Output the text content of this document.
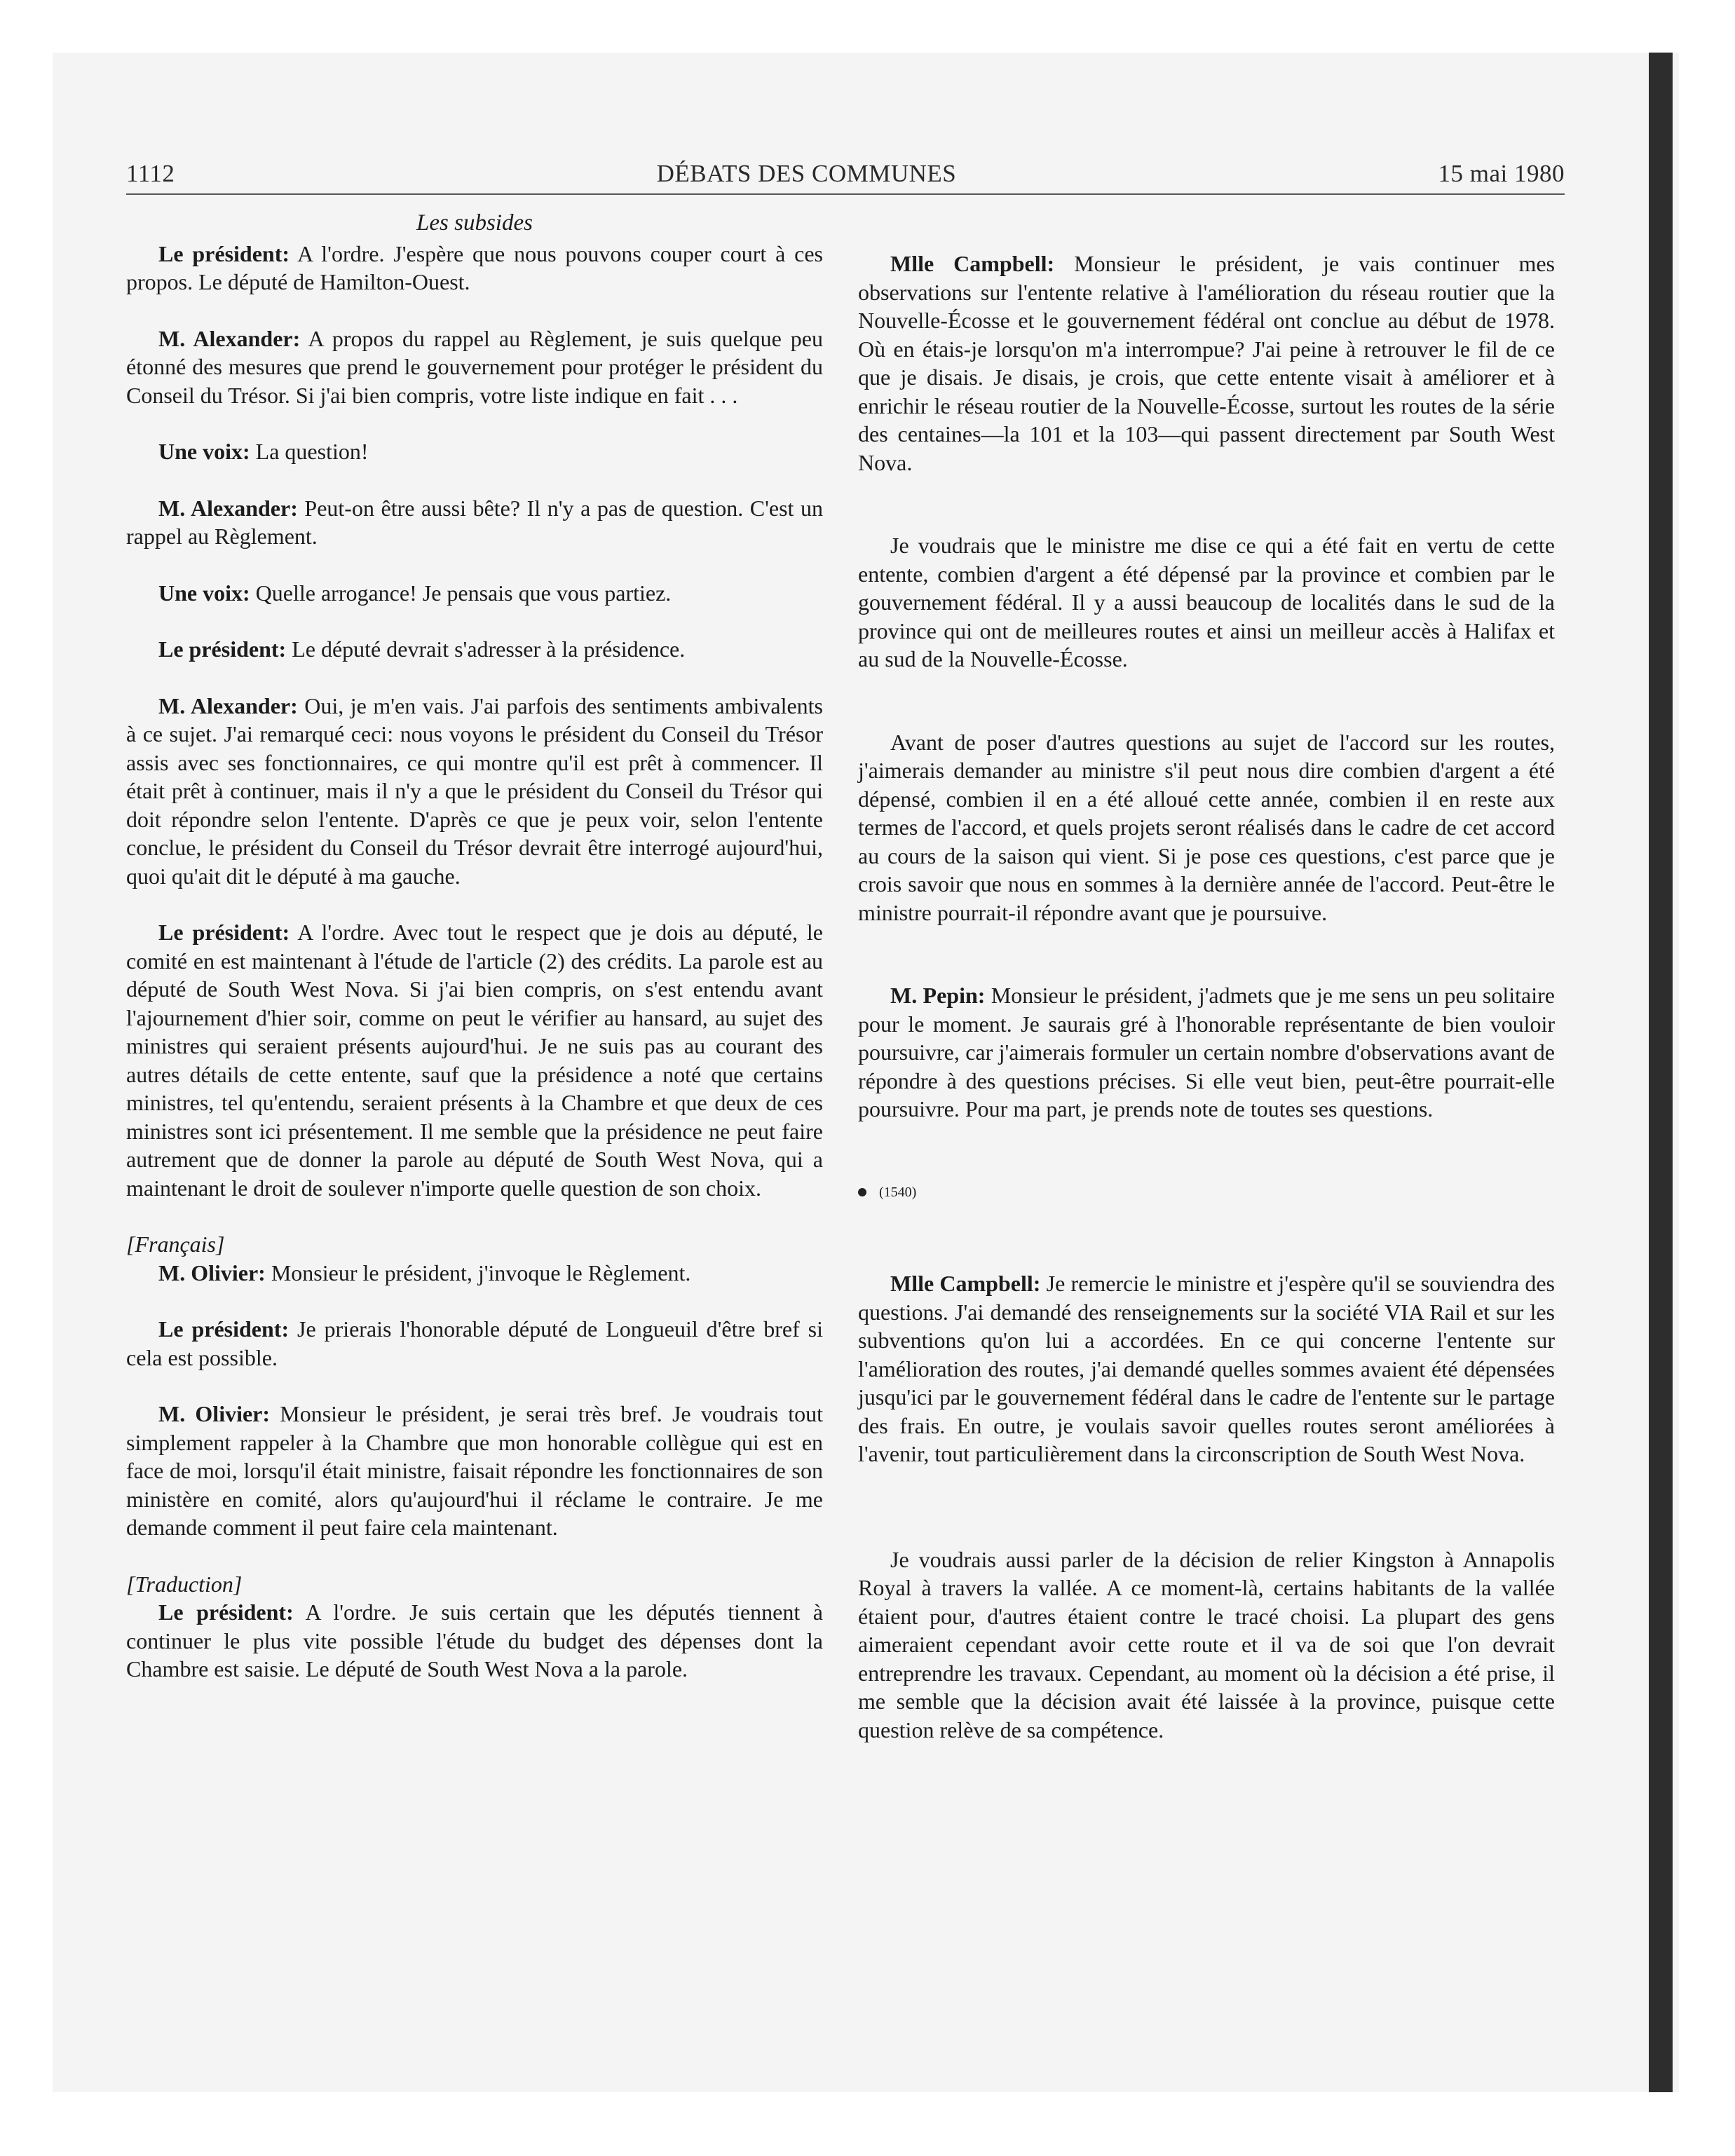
1112	DÉBATS DES COMMUNES	15 mai 1980

Les subsides

Le président: A l'ordre. J'espère que nous pouvons couper court à ces propos. Le député de Hamilton-Ouest.

M. Alexander: A propos du rappel au Règlement, je suis quelque peu étonné des mesures que prend le gouvernement pour protéger le président du Conseil du Trésor. Si j'ai bien compris, votre liste indique en fait . . .

Une voix: La question!

M. Alexander: Peut-on être aussi bête? Il n'y a pas de question. C'est un rappel au Règlement.

Une voix: Quelle arrogance! Je pensais que vous partiez.

Le président: Le député devrait s'adresser à la présidence.

M. Alexander: Oui, je m'en vais. J'ai parfois des sentiments ambivalents à ce sujet. J'ai remarqué ceci: nous voyons le président du Conseil du Trésor assis avec ses fonctionnaires, ce qui montre qu'il est prêt à commencer. Il était prêt à continuer, mais il n'y a que le président du Conseil du Trésor qui doit répondre selon l'entente. D'après ce que je peux voir, selon l'entente conclue, le président du Conseil du Trésor devrait être interrogé aujourd'hui, quoi qu'ait dit le député à ma gauche.

Le président: A l'ordre. Avec tout le respect que je dois au député, le comité en est maintenant à l'étude de l'article (2) des crédits. La parole est au député de South West Nova. Si j'ai bien compris, on s'est entendu avant l'ajournement d'hier soir, comme on peut le vérifier au hansard, au sujet des ministres qui seraient présents aujourd'hui. Je ne suis pas au courant des autres détails de cette entente, sauf que la présidence a noté que certains ministres, tel qu'entendu, seraient présents à la Chambre et que deux de ces ministres sont ici présentement. Il me semble que la présidence ne peut faire autrement que de donner la parole au député de South West Nova, qui a maintenant le droit de soulever n'importe quelle question de son choix.

[Français]

M. Olivier: Monsieur le président, j'invoque le Règlement.

Le président: Je prierais l'honorable député de Longueuil d'être bref si cela est possible.

M. Olivier: Monsieur le président, je serai très bref. Je voudrais tout simplement rappeler à la Chambre que mon honorable collègue qui est en face de moi, lorsqu'il était ministre, faisait répondre les fonctionnaires de son ministère en comité, alors qu'aujourd'hui il réclame le contraire. Je me demande comment il peut faire cela maintenant.

[Traduction]

Le président: A l'ordre. Je suis certain que les députés tiennent à continuer le plus vite possible l'étude du budget des dépenses dont la Chambre est saisie. Le député de South West Nova a la parole.

Mlle Campbell: Monsieur le président, je vais continuer mes observations sur l'entente relative à l'amélioration du réseau routier que la Nouvelle-Écosse et le gouvernement fédéral ont conclue au début de 1978. Où en étais-je lorsqu'on m'a interrompue? J'ai peine à retrouver le fil de ce que je disais. Je disais, je crois, que cette entente visait à améliorer et à enrichir le réseau routier de la Nouvelle-Écosse, surtout les routes de la série des centaines—la 101 et la 103—qui passent directement par South West Nova.

Je voudrais que le ministre me dise ce qui a été fait en vertu de cette entente, combien d'argent a été dépensé par la province et combien par le gouvernement fédéral. Il y a aussi beaucoup de localités dans le sud de la province qui ont de meilleures routes et ainsi un meilleur accès à Halifax et au sud de la Nouvelle-Écosse.

Avant de poser d'autres questions au sujet de l'accord sur les routes, j'aimerais demander au ministre s'il peut nous dire combien d'argent a été dépensé, combien il en a été alloué cette année, combien il en reste aux termes de l'accord, et quels projets seront réalisés dans le cadre de cet accord au cours de la saison qui vient. Si je pose ces questions, c'est parce que je crois savoir que nous en sommes à la dernière année de l'accord. Peut-être le ministre pourrait-il répondre avant que je poursuive.

M. Pepin: Monsieur le président, j'admets que je me sens un peu solitaire pour le moment. Je saurais gré à l'honorable représentante de bien vouloir poursuivre, car j'aimerais formuler un certain nombre d'observations avant de répondre à des questions précises. Si elle veut bien, peut-être pourrait-elle poursuivre. Pour ma part, je prends note de toutes ses questions.

(1540)

Mlle Campbell: Je remercie le ministre et j'espère qu'il se souviendra des questions. J'ai demandé des renseignements sur la société VIA Rail et sur les subventions qu'on lui a accordées. En ce qui concerne l'entente sur l'amélioration des routes, j'ai demandé quelles sommes avaient été dépensées jusqu'ici par le gouvernement fédéral dans le cadre de l'entente sur le partage des frais. En outre, je voulais savoir quelles routes seront améliorées à l'avenir, tout particulièrement dans la circonscription de South West Nova.

Je voudrais aussi parler de la décision de relier Kingston à Annapolis Royal à travers la vallée. A ce moment-là, certains habitants de la vallée étaient pour, d'autres étaient contre le tracé choisi. La plupart des gens aimeraient cependant avoir cette route et il va de soi que l'on devrait entreprendre les travaux. Cependant, au moment où la décision a été prise, il me semble que la décision avait été laissée à la province, puisque cette question relève de sa compétence.
